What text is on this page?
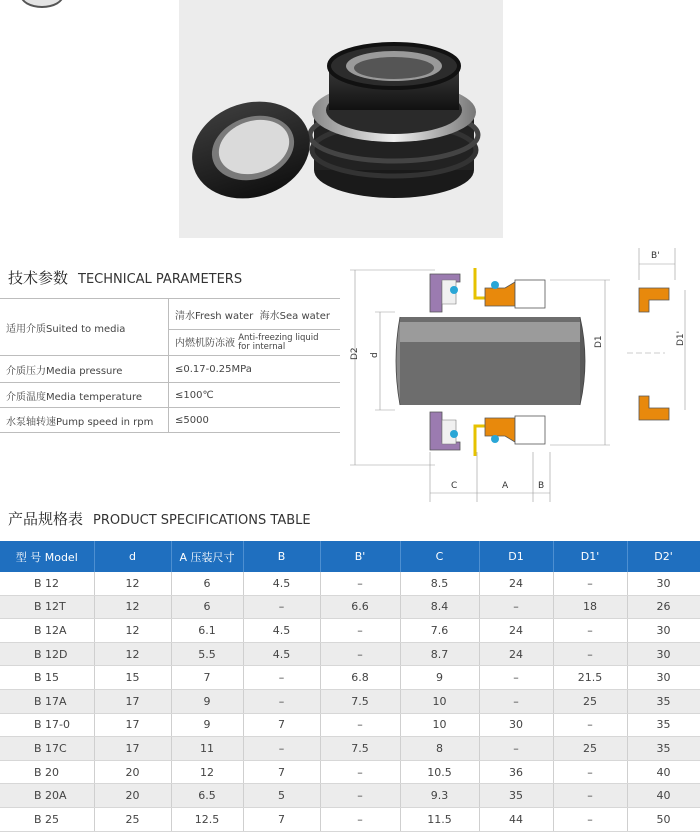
技术参数 TECHNICAL PARAMETERS
适用介质Suited to media	清水Fresh water 海水Sea water
	内燃机防冻液 Anti-freezing liquid
for internal
介质压力Media pressure	≤0.17-0.25MPa
介质温度Media temperature	≤100℃
水泵轴转速Pump speed in rpm	≤5000
D2 d
D1
C	A	B
B'
D1'
产品规格表 PRODUCT SPECIFICATIONS TABLE
型 号 Model	d	A 压装尺寸	B	B'	C	D1	D1'	D2'
B 12	12	6	4.5	–	8.5	24	–	30
B 12T	12	6	–	6.6	8.4	–	18	26
B 12A	12	6.1	4.5	–	7.6	24	–	30
B 12D	12	5.5	4.5	–	8.7	24	–	30
B 15	15	7	–	6.8	9	–	21.5	30
B 17A	17	9	–	7.5	10	–	25	35
B 17-0	17	9	7	–	10	30	–	35
B 17C	17	11	–	7.5	8	–	25	35
B 20	20	12	7	–	10.5	36	–	40
B 20A	20	6.5	5	–	9.3	35	–	40
B 25	25	12.5	7	–	11.5	44	–	50
